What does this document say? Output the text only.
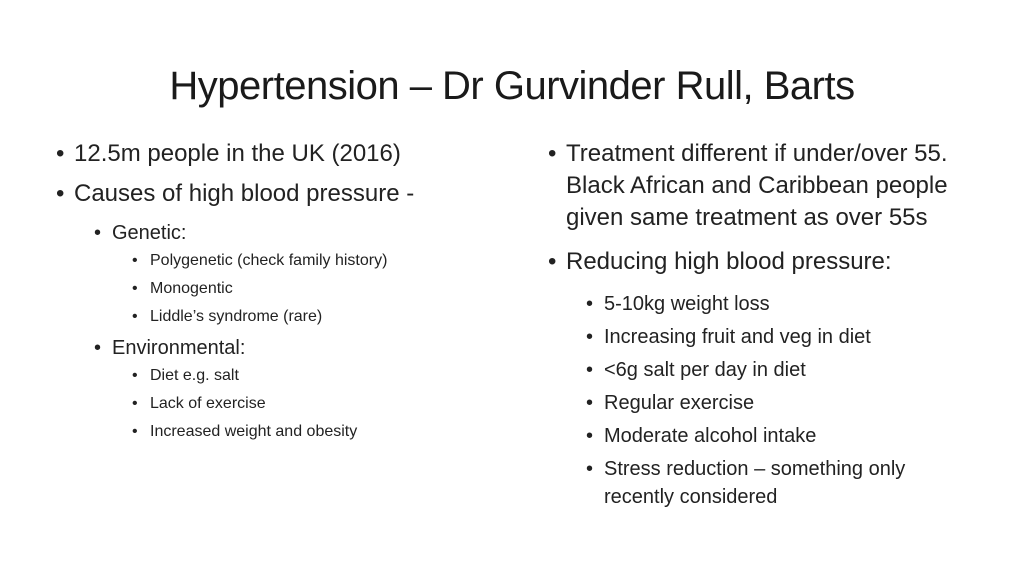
Hypertension – Dr Gurvinder Rull, Barts
• 12.5m people in the UK (2016)
• Causes of high blood pressure -
• Genetic:
• Polygenetic (check family history)
• Monogentic
• Liddle’s syndrome (rare)
• Environmental:
• Diet e.g. salt
• Lack of exercise
• Increased weight and obesity
• Treatment different if under/over 55. Black African and Caribbean people given same treatment as over 55s
• Reducing high blood pressure:
• 5-10kg weight loss
• Increasing fruit and veg in diet
• <6g salt per day in diet
• Regular exercise
• Moderate alcohol intake
• Stress reduction – something only recently considered
